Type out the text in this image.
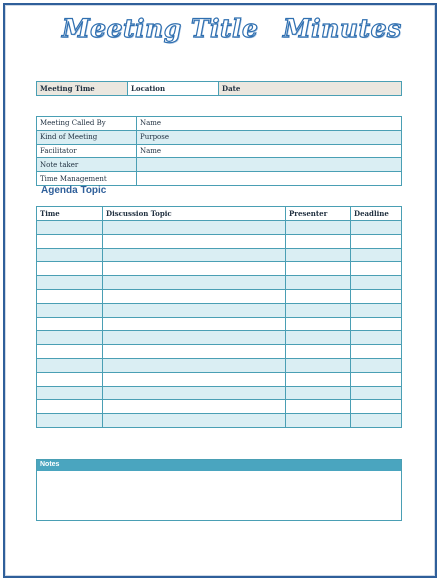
Meeting Title Minutes
Meeting Time	Location	Date
Meeting Called By	Name
Kind of Meeting	Purpose
Facilitator	Name
Note taker	
Time Management	
Agenda Topic
Time	Discussion Topic	Presenter	Deadline

Notes
